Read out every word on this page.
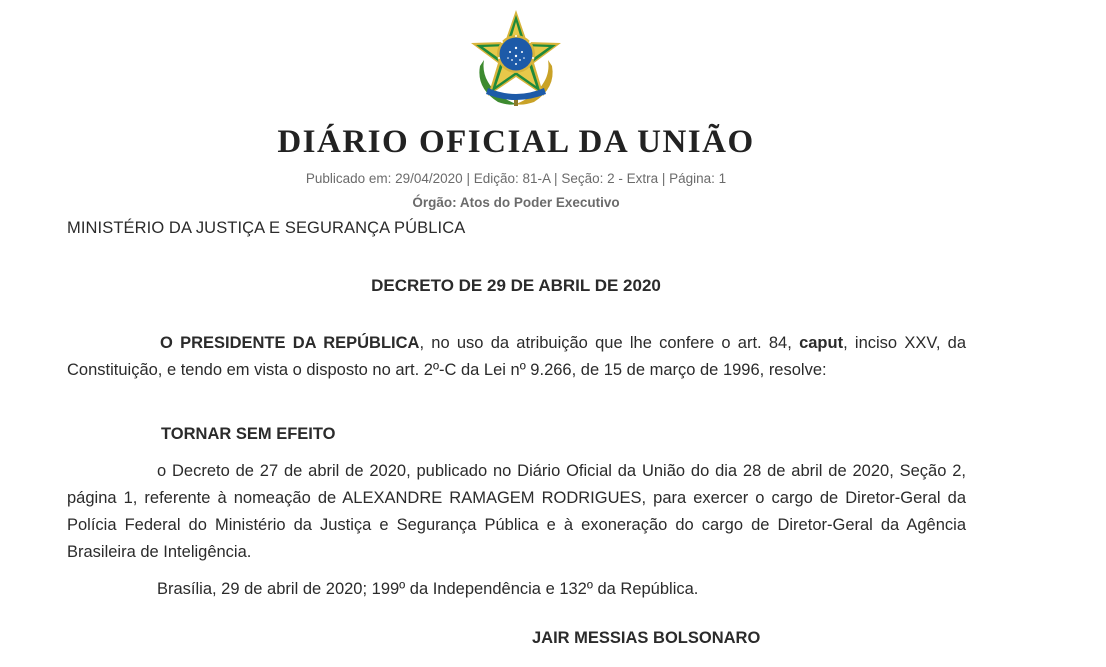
DIÁRIO OFICIAL DA UNIÃO
Publicado em: 29/04/2020 | Edição: 81-A | Seção: 2 - Extra | Página: 1
Órgão: Atos do Poder Executivo
MINISTÉRIO DA JUSTIÇA E SEGURANÇA PÚBLICA
DECRETO DE 29 DE ABRIL DE 2020
O PRESIDENTE DA REPÚBLICA, no uso da atribuição que lhe confere o art. 84, caput, inciso XXV, da Constituição, e tendo em vista o disposto no art. 2º-C da Lei nº 9.266, de 15 de março de 1996, resolve:
TORNAR SEM EFEITO
o Decreto de 27 de abril de 2020, publicado no Diário Oficial da União do dia 28 de abril de 2020, Seção 2, página 1, referente à nomeação de ALEXANDRE RAMAGEM RODRIGUES, para exercer o cargo de Diretor-Geral da Polícia Federal do Ministério da Justiça e Segurança Pública e à exoneração do cargo de Diretor-Geral da Agência Brasileira de Inteligência.
Brasília, 29 de abril de 2020; 199º da Independência e 132º da República.
JAIR MESSIAS BOLSONARO
